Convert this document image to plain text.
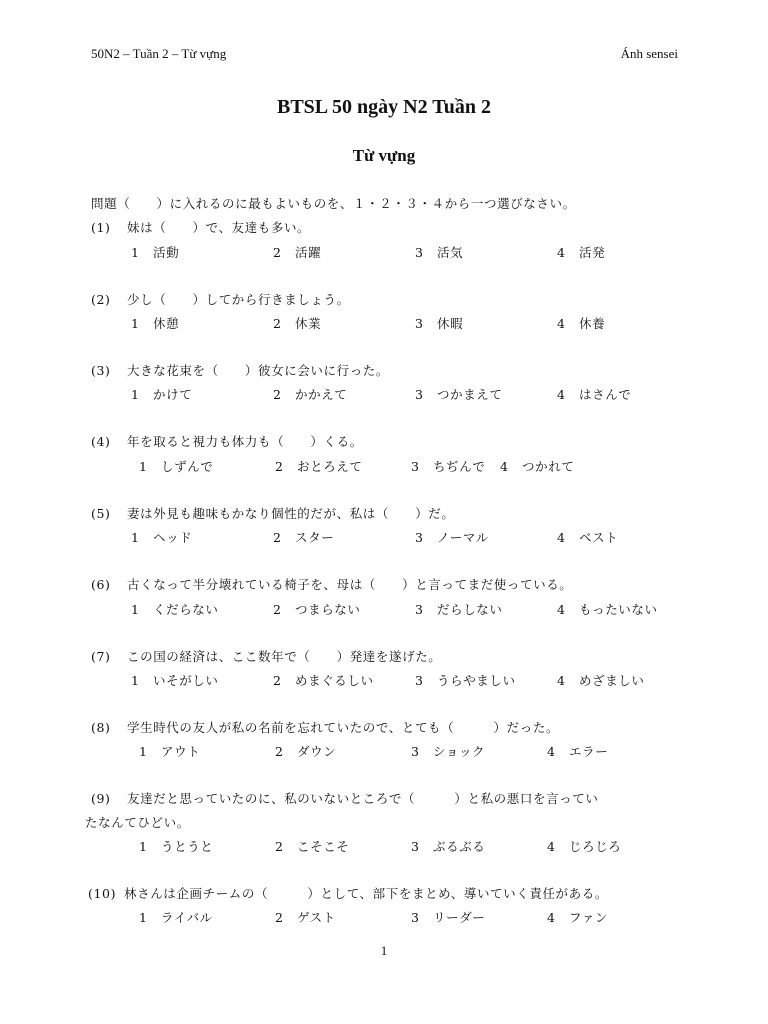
50N2 – Tuần 2 – Từ vựng	Ánh sensei
BTSL 50 ngày N2 Tuần 2
Từ vựng
問題（　　）に入れるのに最もよいものを、１・２・３・４から一つ選びなさい。
(1) 妹は（　　）で、友達も多い。
1 活動	2 活躍	3 活気	4 活発
(2) 少し（　　）してから行きましょう。
1 休憩	2 休業	3 休暇	4 休養
(3) 大きな花束を（　　）彼女に会いに行った。
1 かけて	2 かかえて	3 つかまえて	4 はさんで
(4) 年を取ると視力も体力も（　　）くる。
1 しずんで	2 おとろえて	3 ちぢんで 4 つかれて
(5) 妻は外見も趣味もかなり個性的だが、私は（　　）だ。
1 ヘッド	2 スター	3 ノーマル	4 ベスト
(6) 古くなって半分壊れている椅子を、母は（　　）と言ってまだ使っている。
1 くだらない	2 つまらない	3 だらしない	4 もったいない
(7) この国の経済は、ここ数年で（　　）発達を遂げた。
1 いそがしい	2 めまぐるしい	3 うらやましい	4 めざましい
(8) 学生時代の友人が私の名前を忘れていたので、とても（　　　）だった。
1 アウト	2 ダウン	3 ショック	4 エラー
(9) 友達だと思っていたのに、私のいないところで（　　　）と私の悪口を言ってい
たなんてひどい。
1 うとうと	2 こそこそ	3 ぶるぶる	4 じろじろ
(10) 林さんは企画チームの（　　　）として、部下をまとめ、導いていく責任がある。
1 ライバル	2 ゲスト	3 リーダー	4 ファン
1
